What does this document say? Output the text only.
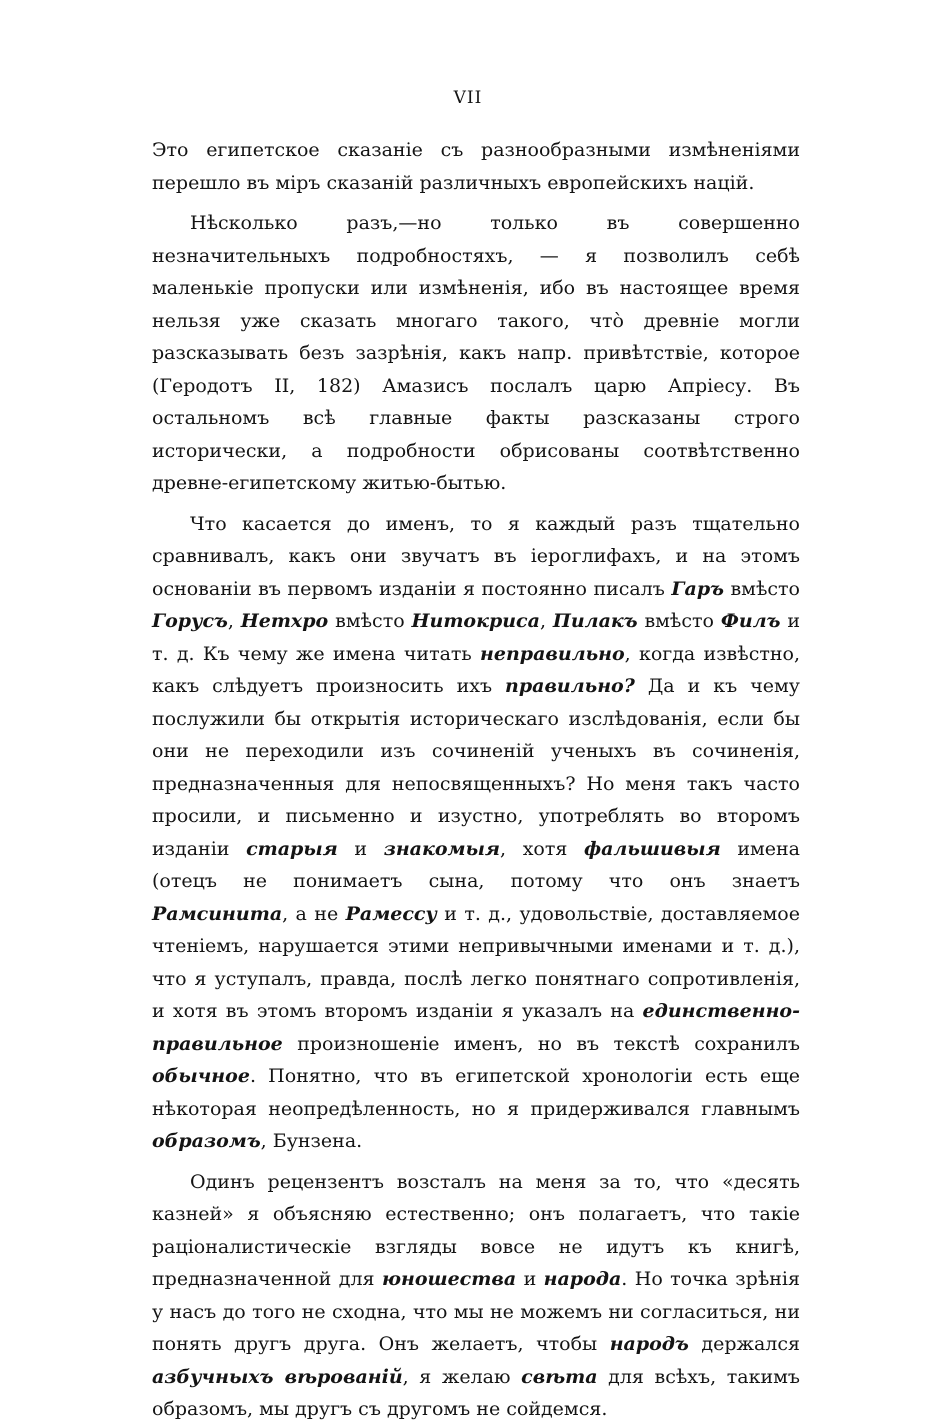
VII

Это египетское сказаніе съ разнообразными измѣненіями перешло въ міръ сказаній различныхъ европейскихъ націй.

Нѣсколько разъ,—но только въ совершенно незначительныхъ подробностяхъ, — я позволилъ себѣ маленькіе пропуски или измѣненія, ибо въ настоящее время нельзя уже сказать многаго такого, что̀ древніе могли разсказывать безъ зазрѣнія, какъ напр. привѣтствіе, которое (Геродотъ II, 182) Амазисъ послалъ царю Апріесу. Въ остальномъ всѣ главные факты разсказаны строго исторически, а подробности обрисованы соотвѣтственно древне-египетскому житью-бытью.

Что касается до именъ, то я каждый разъ тщательно сравнивалъ, какъ они звучатъ въ іероглифахъ, и на этомъ основаніи въ первомъ изданіи я постоянно писалъ Гаръ вмѣсто Горусъ, Нетхро вмѣсто Нитокриса, Пилакъ вмѣсто Филъ и т. д. Къ чему же имена читать неправильно, когда извѣстно, какъ слѣдуетъ произносить ихъ правильно? Да и къ чему послужили бы открытія историческаго изслѣдованія, если бы они не переходили изъ сочиненій ученыхъ въ сочиненія, предназначенныя для непосвященныхъ? Но меня такъ часто просили, и письменно и изустно, употреблять во второмъ изданіи старыя и знакомыя, хотя фальшивыя имена (отецъ не понимаетъ сына, потому что онъ знаетъ Рамсинита, а не Рамессу и т. д., удовольствіе, доставляемое чтеніемъ, нарушается этими непривычными именами и т. д.), что я уступалъ, правда, послѣ легко понятнаго сопротивленія, и хотя въ этомъ второмъ изданіи я указалъ на единственно-правильное произношеніе именъ, но въ текстѣ сохранилъ обычное. Понятно, что въ египетской хронологіи есть еще нѣкоторая неопредѣленность, но я придерживался главнымъ образомъ, Бунзена.

Одинъ рецензентъ возсталъ на меня за то, что «десять казней» я объясняю естественно; онъ полагаетъ, что такіе раціоналистическіе взгляды вовсе не идутъ къ книгѣ, предназначенной для юношества и народа. Но точка зрѣнія у насъ до того не сходна, что мы не можемъ ни согласиться, ни понять другъ друга. Онъ желаетъ, чтобы народъ держался азбучныхъ вѣрованій, я желаю свѣта для всѣхъ, такимъ образомъ, мы другъ съ другомъ не сойдемся.
